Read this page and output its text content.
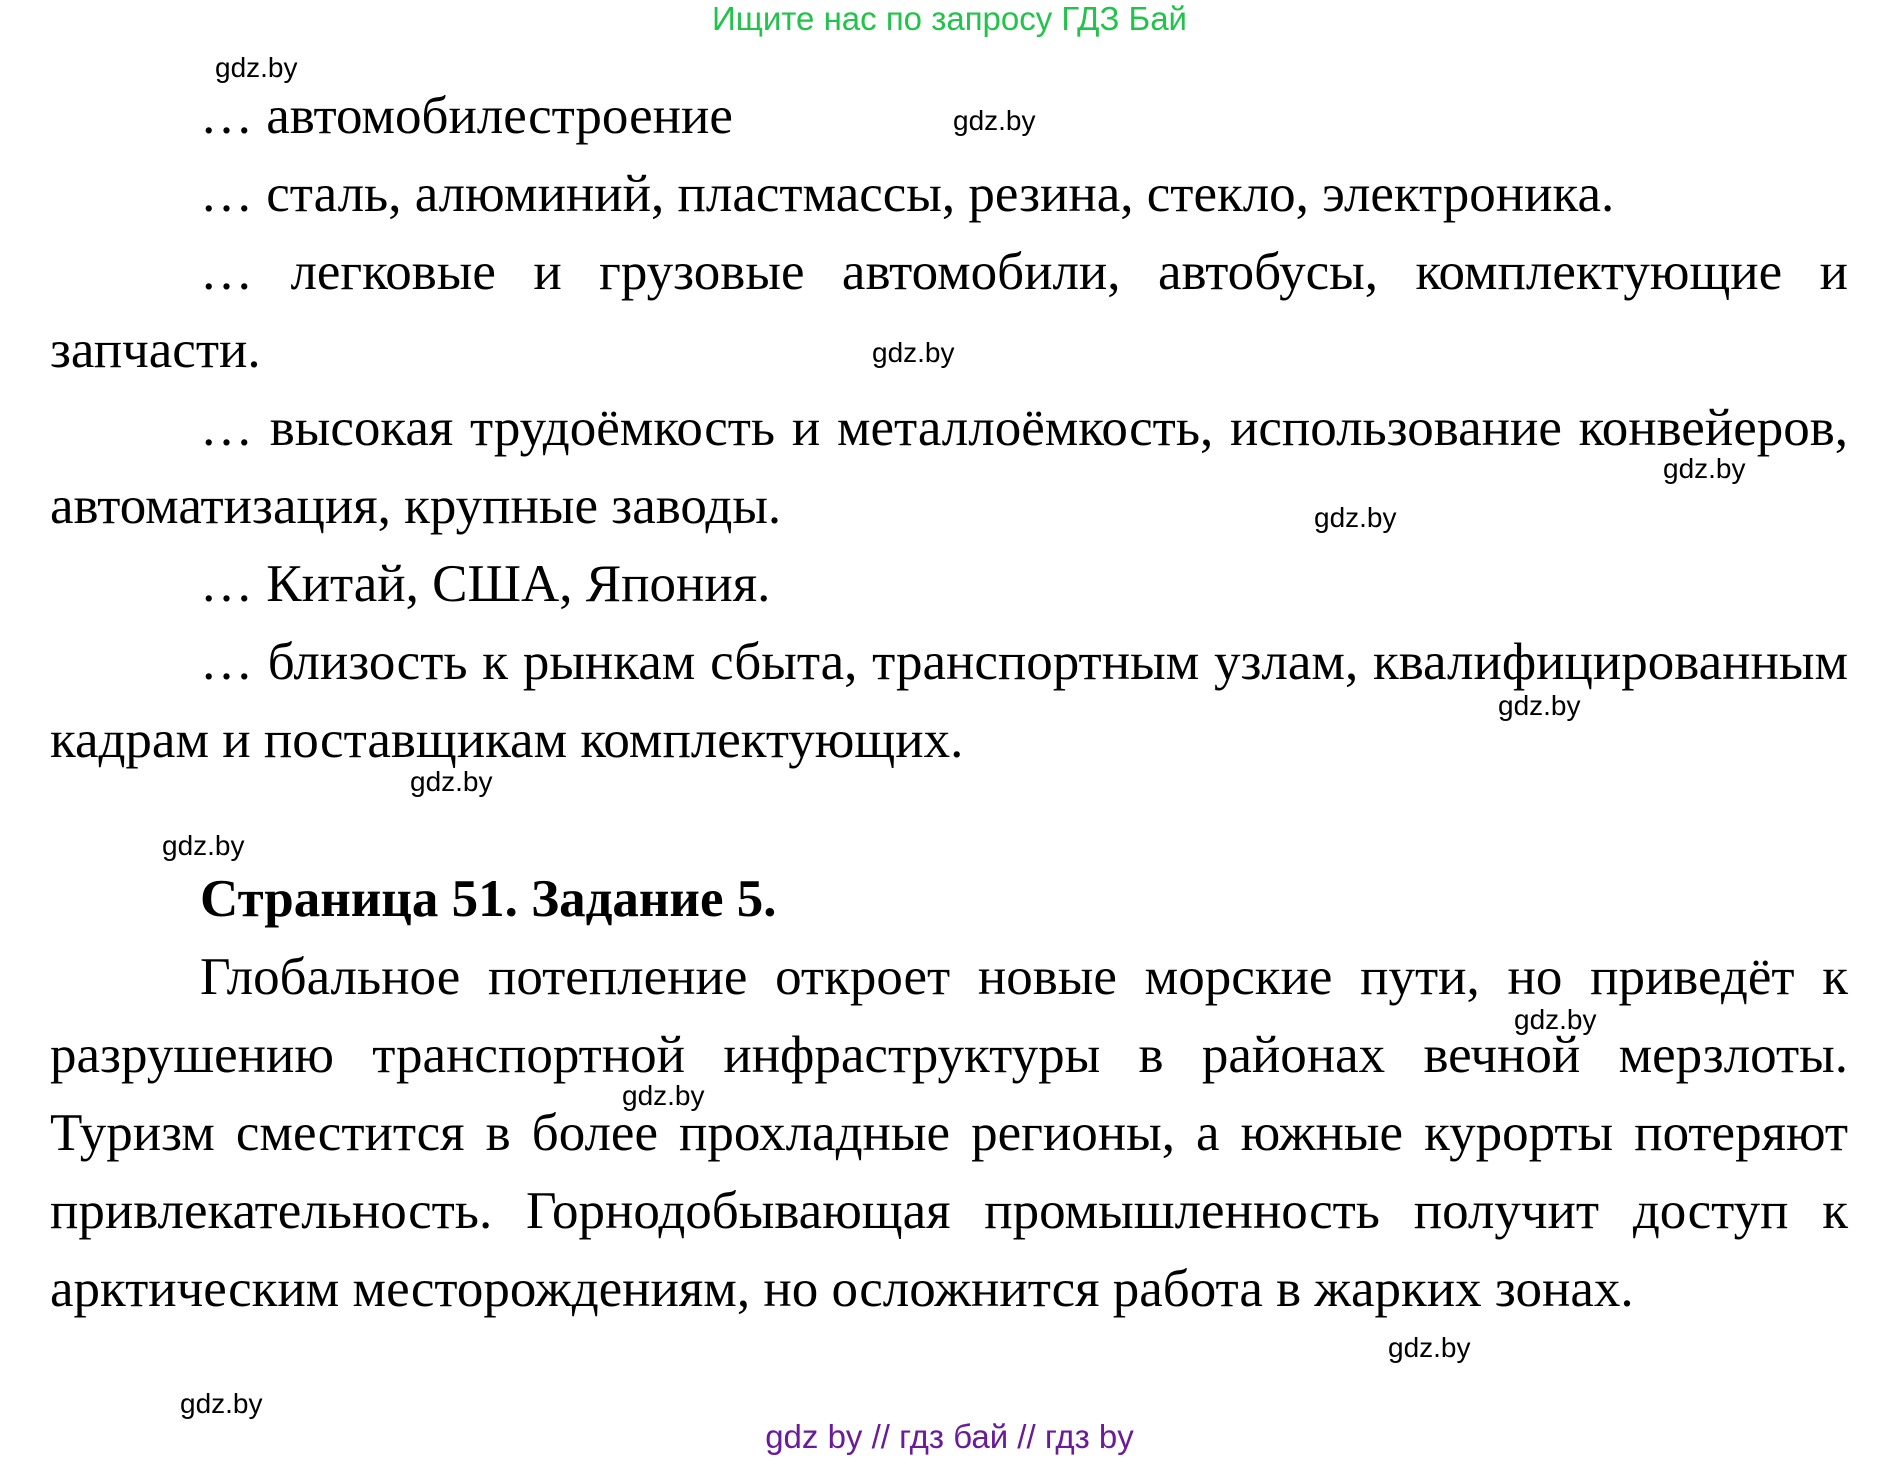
Ищите нас по запросу ГДЗ Бай

… автомобилестроение

… сталь, алюминий, пластмассы, резина, стекло, электроника.

… легковые и грузовые автомобили, автобусы, комплектующие и запчасти.

… высокая трудоёмкость и металлоёмкость, использование конвейеров, автоматизация, крупные заводы.

… Китай, США, Япония.

… близость к рынкам сбыта, транспортным узлам, квалифицированным кадрам и поставщикам комплектующих.

Страница 51. Задание 5.

Глобальное потепление откроет новые морские пути, но приведёт к разрушению транспортной инфраструктуры в районах вечной мерзлоты. Туризм сместится в более прохладные регионы, а южные курорты потеряют привлекательность. Горнодобывающая промышленность получит доступ к арктическим месторождениям, но осложнится работа в жарких зонах.

gdz.by
gdz.by
gdz.by
gdz.by
gdz.by
gdz.by
gdz.by
gdz.by
gdz.by
gdz.by
gdz.by
gdz.by
gdz by // гдз бай // гдз by
